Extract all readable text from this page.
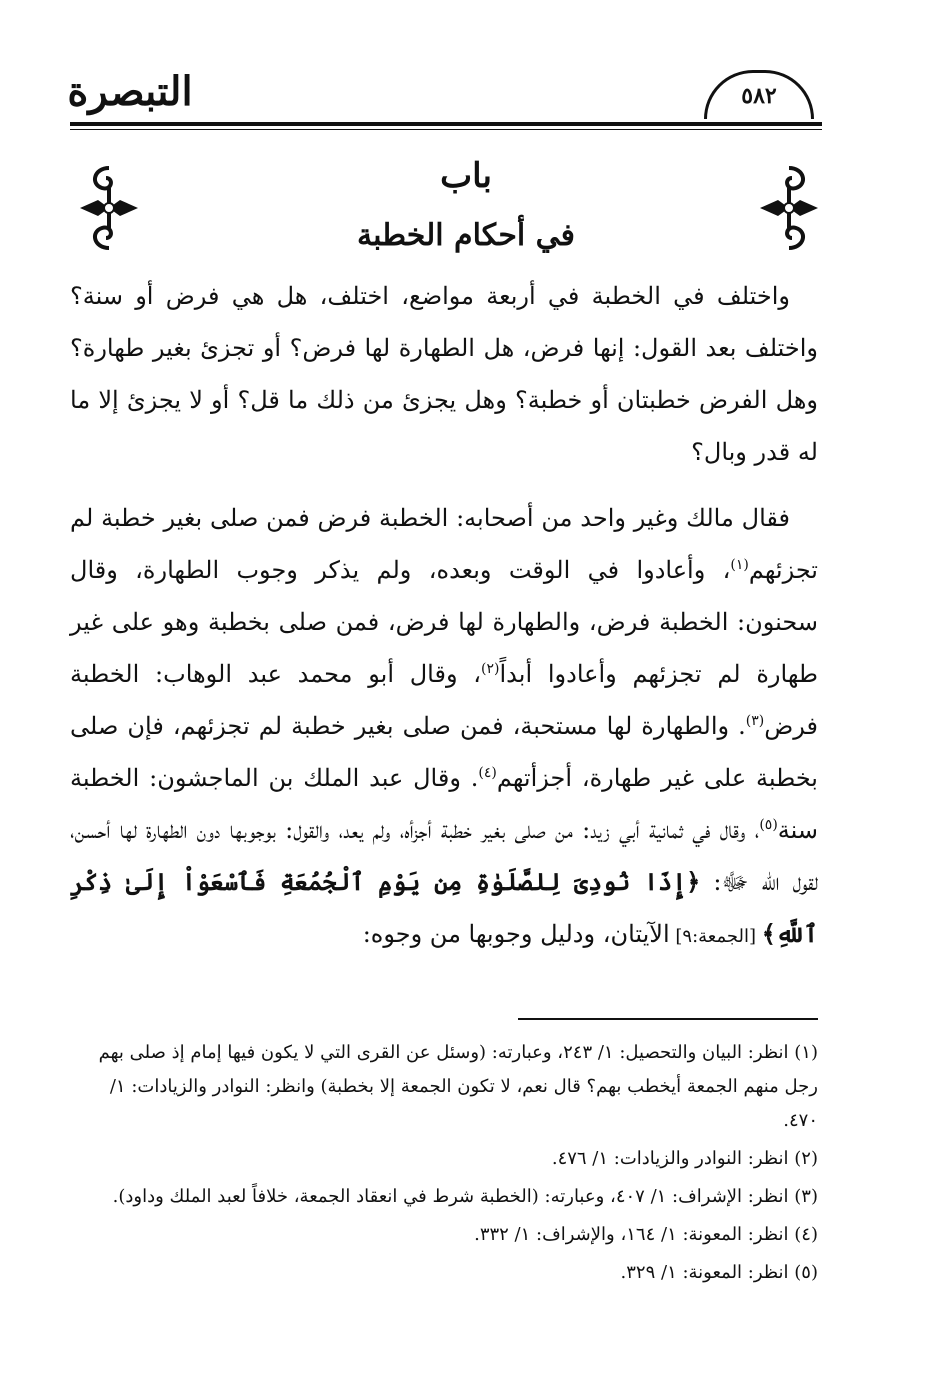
التبصرة	٥٨٢
باب
في أحكام الخطبة

واختلف في الخطبة في أربعة مواضع، اختلف، هل هي فرض أو سنة؟ واختلف بعد القول: إنها فرض، هل الطهارة لها فرض؟ أو تجزئ بغير طهارة؟ وهل الفرض خطبتان أو خطبة؟ وهل يجزئ من ذلك ما قل؟ أو لا يجزئ إلا ما له قدر وبال؟

فقال مالك وغير واحد من أصحابه: الخطبة فرض فمن صلى بغير خطبة لم تجزئهم$^{(١)}$، وأعادوا في الوقت وبعده، ولم يذكر وجوب الطهارة، وقال سحنون: الخطبة فرض، والطهارة لها فرض، فمن صلى بخطبة وهو على غير طهارة لم تجزئهم وأعادوا أبداً$^{(٢)}$، وقال أبو محمد عبد الوهاب: الخطبة فرض$^{(٣)}$. والطهارة لها مستحبة، فمن صلى بغير خطبة لم تجزئهم، فإن صلى بخطبة على غير طهارة، أجزأتهم$^{(٤)}$. وقال عبد الملك بن الماجشون: الخطبة سنة$^{(٥)}$، وقال في ثمانية أبي زيد: من صلى بغير خطبة أجزأه، ولم يعد، والقول: بوجوبها دون الطهارة لها أحسن، لقول الله ﷻ: ﴿إِذَا نُودِىَ لِلصَّلَوٰةِ مِن يَوْمِ ٱلْجُمُعَةِ فَٱسْعَوْاْ إِلَىٰ ذِكْرِ ٱللَّهِ﴾ [الجمعة:٩] الآيتان، ودليل وجوبها من وجوه:

(١) انظر: البيان والتحصيل: ١/ ٢٤٣، وعبارته: (وسئل عن القرى التي لا يكون فيها إمام إذ صلى بهم رجل منهم الجمعة أيخطب بهم؟ قال نعم، لا تكون الجمعة إلا بخطبة) وانظر: النوادر والزيادات: ١/ ٤٧٠.

(٢) انظر: النوادر والزيادات: ١/ ٤٧٦.

(٣) انظر: الإشراف: ١/ ٤٠٧، وعبارته: (الخطبة شرط في انعقاد الجمعة، خلافاً لعبد الملك وداود).

(٤) انظر: المعونة: ١/ ١٦٤، والإشراف: ١/ ٣٣٢.

(٥) انظر: المعونة: ١/ ٣٢٩.
